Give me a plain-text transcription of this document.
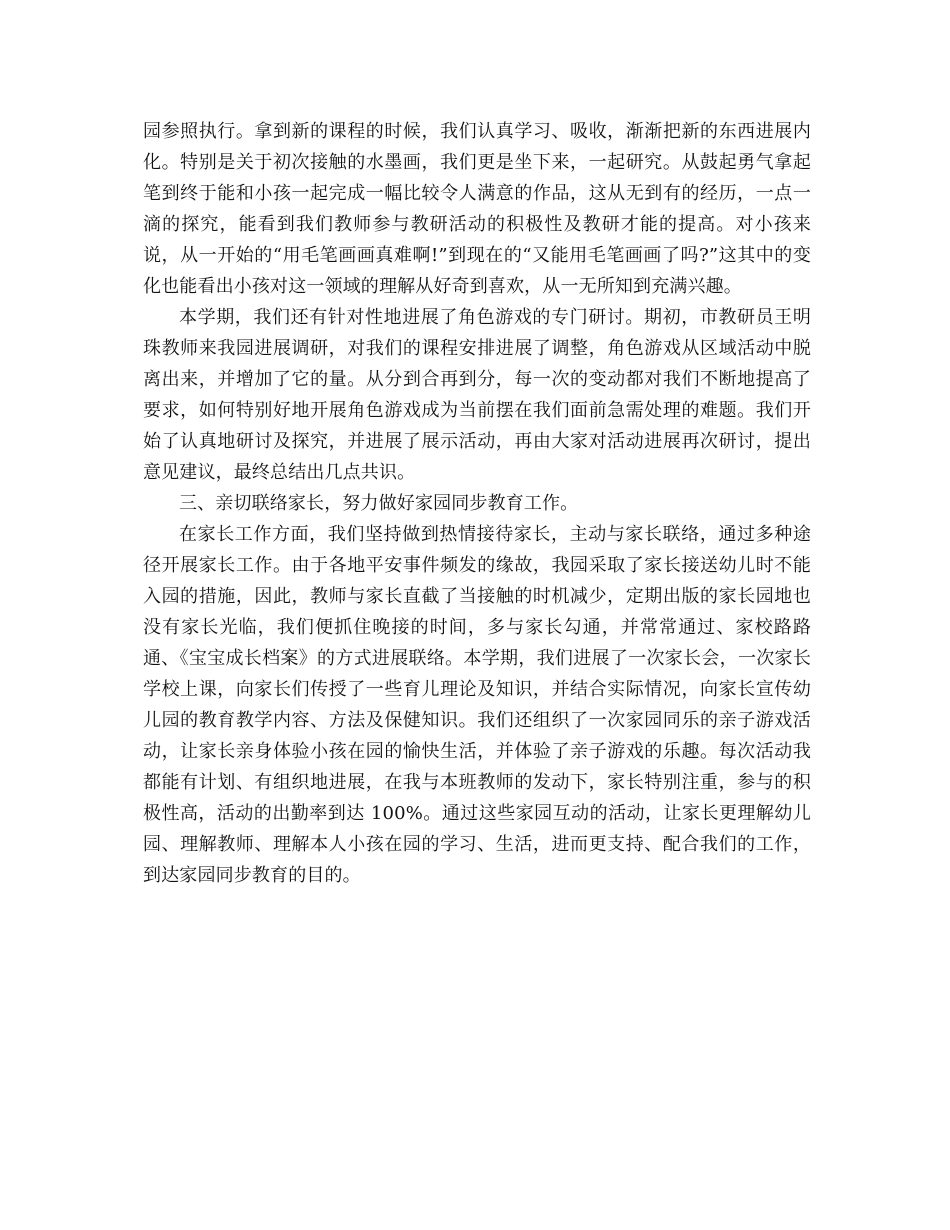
园参照执行。拿到新的课程的时候，我们认真学习、吸收，渐渐把新的东西进展内化。特别是关于初次接触的水墨画，我们更是坐下来，一起研究。从鼓起勇气拿起笔到终于能和小孩一起完成一幅比较令人满意的作品，这从无到有的经历，一点一滴的探究，能看到我们教师参与教研活动的积极性及教研才能的提高。对小孩来说，从一开始的“用毛笔画画真难啊!”到现在的“又能用毛笔画画了吗?”这其中的变化也能看出小孩对这一领域的理解从好奇到喜欢，从一无所知到充满兴趣。

本学期，我们还有针对性地进展了角色游戏的专门研讨。期初，市教研员王明珠教师来我园进展调研，对我们的课程安排进展了调整，角色游戏从区域活动中脱离出来，并增加了它的量。从分到合再到分，每一次的变动都对我们不断地提高了要求，如何特别好地开展角色游戏成为当前摆在我们面前急需处理的难题。我们开始了认真地研讨及探究，并进展了展示活动，再由大家对活动进展再次研讨，提出意见建议，最终总结出几点共识。

三、亲切联络家长，努力做好家园同步教育工作。

在家长工作方面，我们坚持做到热情接待家长，主动与家长联络，通过多种途径开展家长工作。由于各地平安事件频发的缘故，我园采取了家长接送幼儿时不能入园的措施，因此，教师与家长直截了当接触的时机减少，定期出版的家长园地也没有家长光临，我们便抓住晚接的时间，多与家长勾通，并常常通过、家校路路通、《宝宝成长档案》的方式进展联络。本学期，我们进展了一次家长会，一次家长学校上课，向家长们传授了一些育儿理论及知识，并结合实际情况，向家长宣传幼儿园的教育教学内容、方法及保健知识。我们还组织了一次家园同乐的亲子游戏活动，让家长亲身体验小孩在园的愉快生活，并体验了亲子游戏的乐趣。每次活动我都能有计划、有组织地进展，在我与本班教师的发动下，家长特别注重，参与的积极性高，活动的出勤率到达 100%。通过这些家园互动的活动，让家长更理解幼儿园、理解教师、理解本人小孩在园的学习、生活，进而更支持、配合我们的工作，到达家园同步教育的目的。
